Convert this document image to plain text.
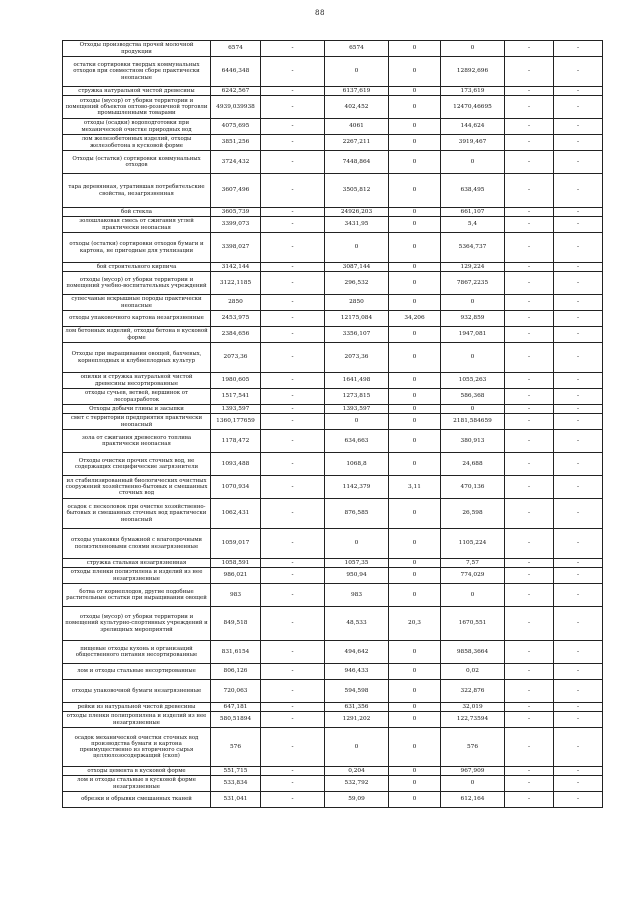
88
Отходы производства прочей молочной продукции	6574	-	6574	0	0	-	-
остатки сортировки твердых коммунальных отходов при совместном сборе практически неопасные	6446,348	-	0	0	12892,696	-	-
стружка натуральной чистой древесины	6242,567	-	6137,619	0	173,619	-	-
отходы (мусор) от уборки территории и помещений объектов оптово-розничной торговли промышленными товарами	4939,039938	-	402,452	0	12470,46695	-	-
отходы (осадки) водоподготовки при механической очистке природных вод	4075,695	-	4061	0	144,624	-	-
лом железобетонных изделий, отходы железобетона в кусковой форме	3851,256	-	2267,211	0	3919,467	-	-
Отходы (остатки) сортировки коммунальных отходов	3724,432	-	7448,864	0	0	-	-
тара деревянная, утратившая потребительские свойства, незагрязненная	3607,496	-	3505,812	0	638,495	-	-
бой стекла	3605,739	-	24926,203	0	661,107	-	-
золошлаковая смесь от сжигания углей практически неопасная	3399,073	-	3431,95	0	5,4	-	-
отходы (остатки) сортировки отходов бумаги и картона, не пригодные для утилизации	3398,027	-	0	0	5364,737	-	-
бой строительного кирпича	3142,144	-	3087,144	0	129,224	-	-
отходы (мусор) от уборки территории и помещений учебно-воспитательных учреждений	3122,1185	-	296,532	0	7867,2235	-	-
супесчаные вскрышные породы практически неопасные	2850	-	2850	0	0	-	-
отходы упаковочного картона незагрязненные	2453,975	-	12175,084	34,206	932,859	-	-
лом бетонных изделий, отходы бетона в кусковой форме	2384,656	-	3356,107	0	1947,081	-	-
Отходы при выращивании овощей, бахчевых, корнеплодных и клубнеплодных культур	2073,36	-	2073,36	0	0	-	-
опилки и стружка натуральной чистой древесины несортированные	1980,605	-	1641,498	0	1055,263	-	-
отходы сучьев, ветвей, вершинок от лесоразработок	1517,541	-	1273,815	0	586,368	-	-
Отходы добычи глины и засыпки	1393,597	-	1393,597	0	0	-	-
смет с территории предприятия практически неопасный	1360,177659	-	0	0	2181,584659	-	-
зола от сжигания древесного топлива практически неопасная	1178,472	-	634,663	0	380,913	-	-
Отходы очистки прочих сточных вод, не содержащих специфические загрязнители	1093,488	-	1068,8	0	24,688	-	-
ил стабилизированный биологических очистных сооружений хозяйственно-бытовых и смешанных сточных вод	1070,934	-	1142,379	3,11	470,136	-	-
осадок с песколовок при очистке хозяйственно-бытовых и смешанных сточных вод практически неопасный	1062,431	-	876,585	0	26,598	-	-
отходы упаковки бумажной с влагопрочными полиэтиленовыми слоями незагрязненные	1059,017	-	0	0	1105,224	-	-
стружка стальная незагрязненная	1058,591	-	1057,35	0	7,57	-	-
отходы пленки полиэтилена и изделий из нее незагрязненные	986,021	-	950,94	0	774,029	-	-
ботва от корнеплодов, другие подобные растительные остатки при выращивании овощей	983	-	983	0	0	-	-
отходы (мусор) от уборки территории и помещений культурно-спортивных учреждений и зрелищных мероприятий	849,518	-	48,533	20,3	1670,551	-	-
пищевые отходы кухонь и организаций общественного питания несортированные	831,6154	-	494,642	0	9858,3664	-	-
лом и отходы стальные несортированные	806,126	-	946,433	0	0,02	-	-
отходы упаковочной бумаги незагрязненные	720,063	-	594,598	0	322,876	-	-
рейки из натуральной чистой древесины	647,181	-	631,356	0	32,019	-	-
отходы пленки полипропилена и изделий из нее незагрязненные	580,51894	-	1291,202	0	122,73594	-	-
осадок механической очистки сточных вод производства бумаги и картона преимущественно из вторичного сырья целлюлозосодержащий (скоп)	576	-	0	0	576	-	-
отходы цемента в кусковой форме	551,715	-	0,204	0	967,909	-	-
лом и отходы стальные в кусковой форме незагрязненные	533,834	-	532,792	0	0	-	-
обрезки и обрывки смешанных тканей	531,041	-	59,09	0	612,164	-	-
